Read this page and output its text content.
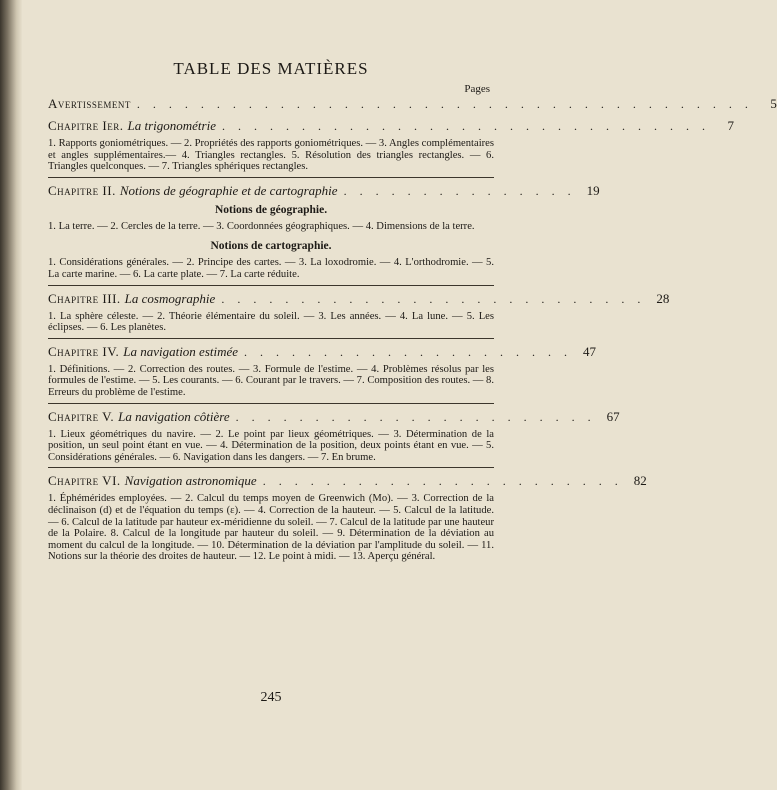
TABLE DES MATIÈRES
Pages
Avertissement . . . . . . . . . . . . . . . . . . . . . . . . . . . . . . . . . . . . . . .	5
Chapitre Ier. La trigonométrie . . . . . . . . . . . . . . . . . . . . . . . . . . . . . . .	7
1. Rapports goniométriques. — 2. Propriétés des rapports goniométriques. — 3. Angles complémentaires et angles supplémentaires.— 4. Triangles rectangles. 5. Résolution des triangles rectangles. — 6. Triangles quelconques. — 7. Triangles sphériques rectangles.
Chapitre II. Notions de géographie et de cartographie . . . . . . . . . . . . . . . 19
Notions de géographie.
1. La terre. — 2. Cercles de la terre. — 3. Coordonnées géographiques. — 4. Dimensions de la terre.
Notions de cartographie.
1. Considérations générales. — 2. Principe des cartes. — 3. La loxodromie. — 4. L'orthodromie. — 5. La carte marine. — 6. La carte plate. — 7. La carte réduite.
Chapitre III. La cosmographie . . . . . . . . . . . . . . . . . . . . . . . . . . . 28
1. La sphère céleste. — 2. Théorie élémentaire du soleil. — 3. Les années. — 4. La lune. — 5. Les éclipses. — 6. Les planètes.
Chapitre IV. La navigation estimée . . . . . . . . . . . . . . . . . . . . . 47
1. Définitions. — 2. Correction des routes. — 3. Formule de l'estime. — 4. Problèmes résolus par les formules de l'estime. — 5. Les courants. — 6. Courant par le travers. — 7. Composition des routes. — 8. Erreurs du problème de l'estime.
Chapitre V. La navigation côtière . . . . . . . . . . . . . . . . . . . . . . . 67
1. Lieux géométriques du navire. — 2. Le point par lieux géométriques. — 3. Détermination de la position, un seul point étant en vue. — 4. Détermination de la position, deux points étant en vue. — 5. Considérations générales. — 6. Navigation dans les dangers. — 7. En brume.
Chapitre VI. Navigation astronomique . . . . . . . . . . . . . . . . . . . . . . . 82
1. Éphémérides employées. — 2. Calcul du temps moyen de Greenwich (Mo). — 3. Correction de la déclinaison (d) et de l'équation du temps (ε). — 4. Correction de la hauteur. — 5. Calcul de la latitude. — 6. Calcul de la latitude par hauteur ex-méridienne du soleil. — 7. Calcul de la latitude par une hauteur de la Polaire. 8. Calcul de la longitude par hauteur du soleil. — 9. Détermination de la déviation au moment du calcul de la longitude. — 10. Détermination de la déviation par l'amplitude du soleil. — 11. Notions sur la théorie des droites de hauteur. — 12. Le point à midi. — 13. Aperçu général.
245
